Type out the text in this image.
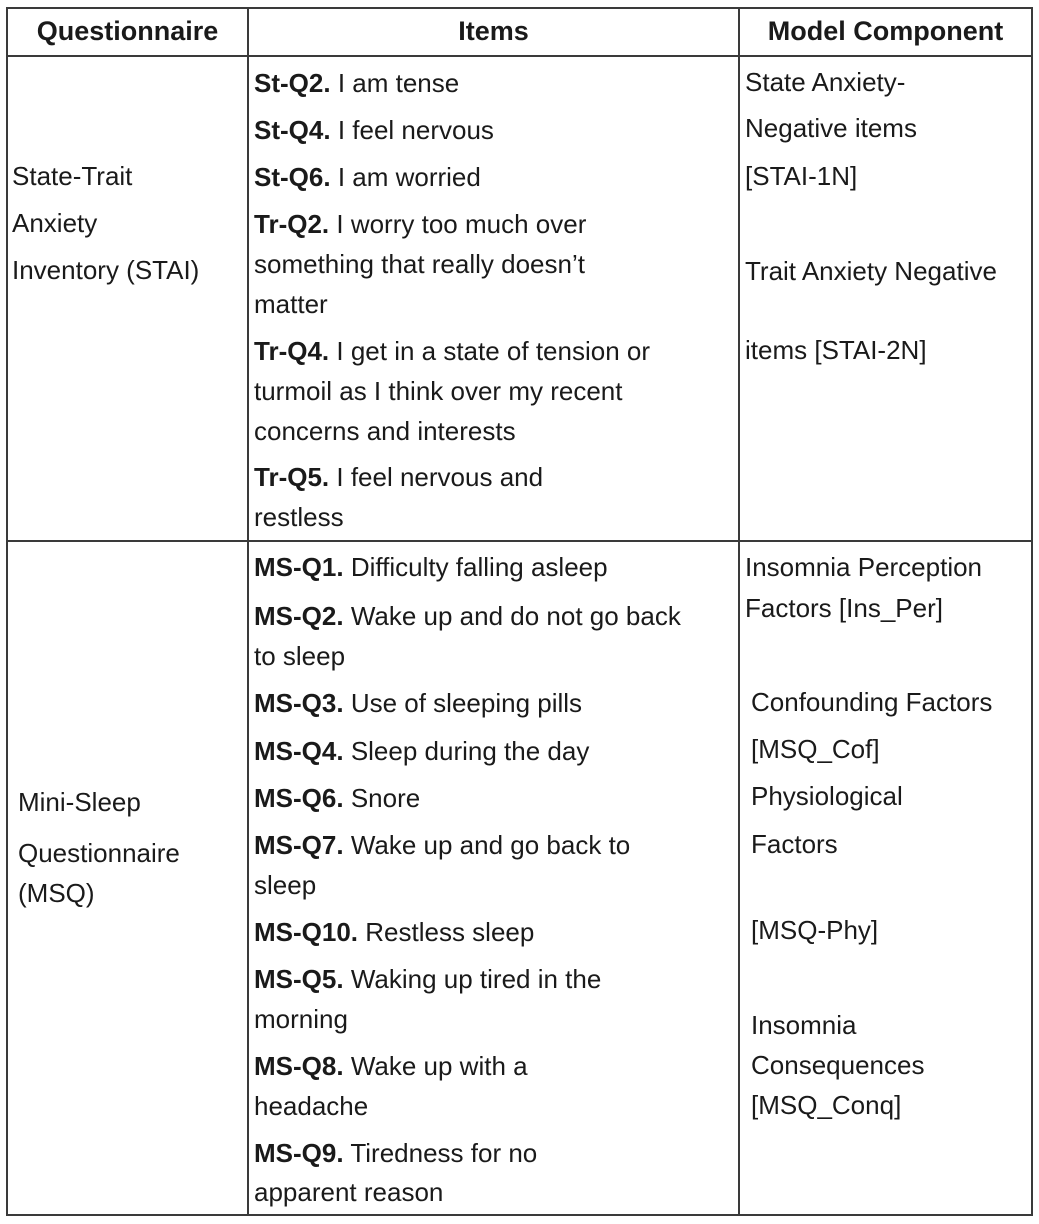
Questionnaire	Items	Model Component
State-Trait
Anxiety
Inventory (STAI)
St-Q2. I am tense
St-Q4. I feel nervous
St-Q6. I am worried
Tr-Q2. I worry too much over
something that really doesn’t
matter
Tr-Q4. I get in a state of tension or
turmoil as I think over my recent
concerns and interests
Tr-Q5. I feel nervous and
restless
State Anxiety-
Negative items
[STAI-1N]
Trait Anxiety Negative
items [STAI-2N]
Mini-Sleep
Questionnaire
(MSQ)
MS-Q1. Difficulty falling asleep
MS-Q2. Wake up and do not go back
to sleep
MS-Q3. Use of sleeping pills
MS-Q4. Sleep during the day
MS-Q6. Snore
MS-Q7. Wake up and go back to
sleep
MS-Q10. Restless sleep
MS-Q5. Waking up tired in the
morning
MS-Q8. Wake up with a
headache
MS-Q9. Tiredness for no
apparent reason
Insomnia Perception
Factors [Ins_Per]
Confounding Factors
[MSQ_Cof]
Physiological
Factors
[MSQ-Phy]
Insomnia
Consequences
[MSQ_Conq]
